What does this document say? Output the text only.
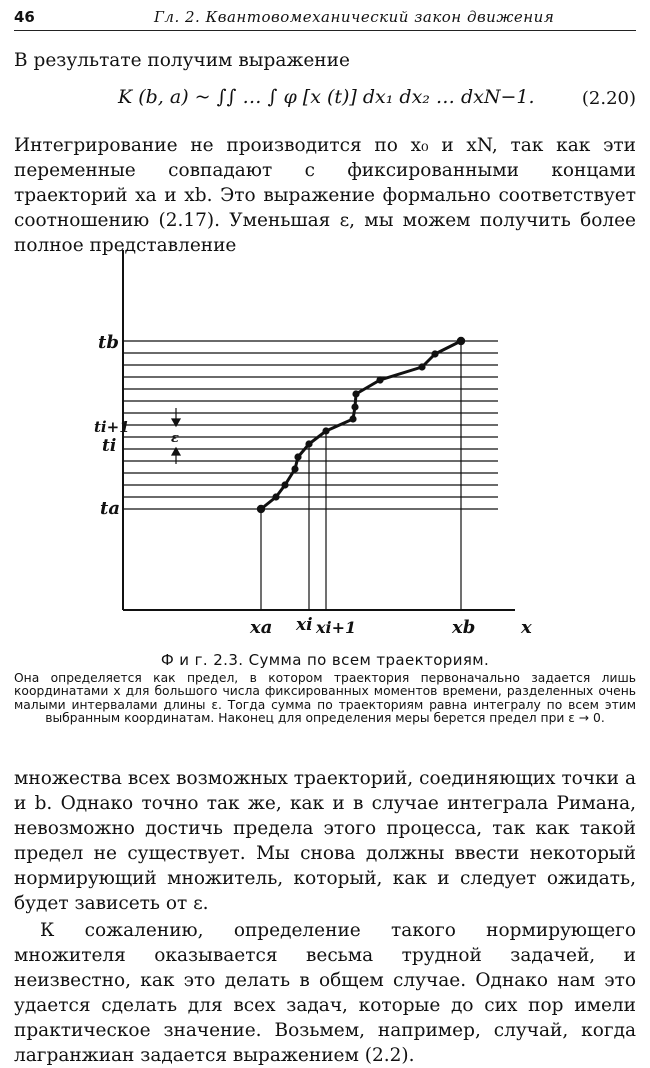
46	Гл. 2. Квантовомеханический закон движения
В результате получим выражение
K (b, a) ~ ∫∫ … ∫ φ [x (t)] dx₁ dx₂ … dxN−1.	(2.20)
Интегрирование не производится по x₀ и xN, так как эти переменные совпадают с фиксированными концами траекторий xa и xb. Это выражение формально соответствует соотношению (2.17). Уменьшая ε, мы можем получить более полное представление
tb
ti+1
ti
ta
ε
xa xi xi+1	xb	x
Ф и г. 2.3. Сумма по всем траекториям.
Она определяется как предел, в котором траектория первоначально задается лишь координатами x для большого числа фиксированных моментов времени, разделенных очень малыми интервалами длины ε. Тогда сумма по траекториям равна интегралу по всем этим выбранным координатам. Наконец для определения меры берется предел при ε → 0.
множества всех возможных траекторий, соединяющих точки a и b. Однако точно так же, как и в случае интеграла Римана, невозможно достичь предела этого процесса, так как такой предел не существует. Мы снова должны ввести некоторый нормирующий множитель, который, как и следует ожидать, будет зависеть от ε.
К сожалению, определение такого нормирующего множителя оказывается весьма трудной задачей, и неизвестно, как это делать в общем случае. Однако нам это удается сделать для всех задач, которые до сих пор имели практическое значение. Возьмем, например, случай, когда лагранжиан задается выражением (2.2).
